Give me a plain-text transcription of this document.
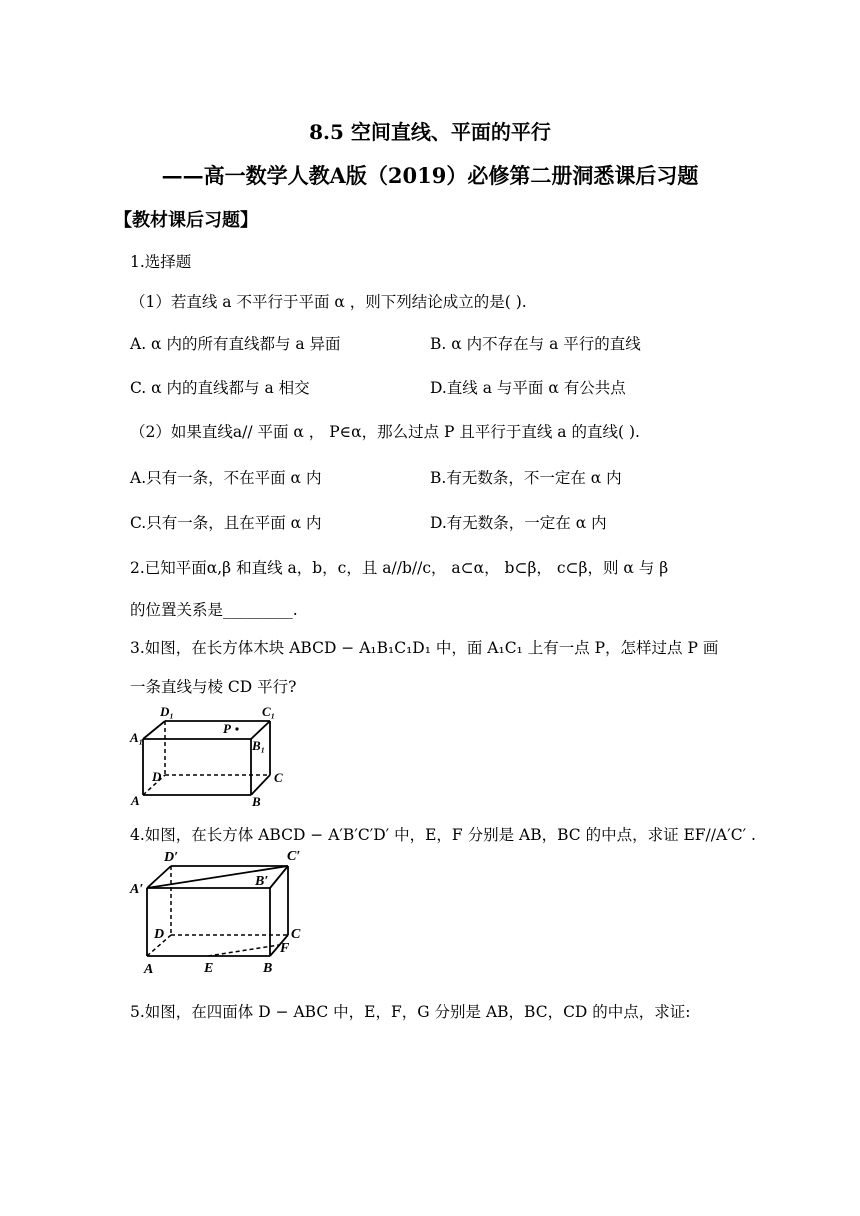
8.5 空间直线、平面的平行
——高一数学人教A版（2019）必修第二册洞悉课后习题
【教材课后习题】
1.选择题
（1）若直线 a 不平行于平面 α ，则下列结论成立的是( ).
A. α 内的所有直线都与 a 异面	B. α 内不存在与 a 平行的直线
C. α 内的直线都与 a 相交	D.直线 a 与平面 α 有公共点
（2）如果直线a// 平面 α ， P∈α，那么过点 P 且平行于直线 a 的直线( ).
A.只有一条，不在平面 α 内	B.有无数条，不一定在 α 内
C.只有一条，且在平面 α 内	D.有无数条，一定在 α 内
2.已知平面α,β 和直线 a，b，c，且 a//b//c， a⊂α， b⊂β， c⊂β，则 α 与 β
的位置关系是_________.
3.如图，在长方体木块 ABCD − A₁B₁C₁D₁ 中，面 A₁C₁ 上有一点 P，怎样过点 P 画
一条直线与棱 CD 平行?
D₁	C₁
A₁
P
B₁
D	C
A	B
4.如图，在长方体 ABCD − A′B′C′D′ 中，E，F 分别是 AB，BC 的中点，求证 EF//A′C′ .
D′	C′
A′
B′
D	C
F
A	E	B
5.如图，在四面体 D − ABC 中，E，F，G 分别是 AB，BC，CD 的中点，求证:
